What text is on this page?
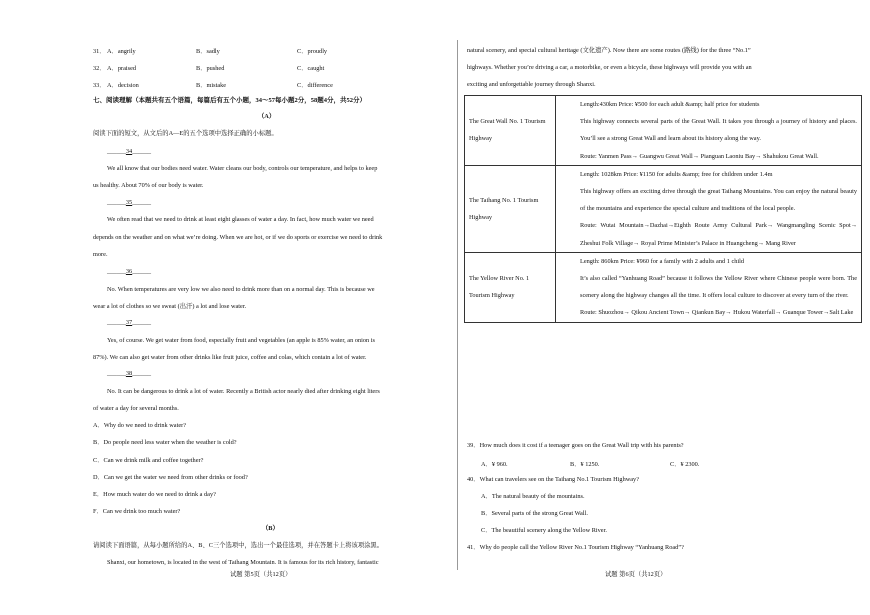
31． A．angrily	B．sadly	C．proudly
32． A．praised	B．pushed	C．caught
33． A．decision	B．mistake	C．difference
七、阅读理解（本题共有五个语篇，每篇后有五个小题，34～57每小题2分，58题4分，共52分）
（A）
阅读下面的短文，从文后的A—E的五个选项中选择正确的小标题。
______34______
We all know that our bodies need water. Water cleans our body, controls our temperature, and helps to keep
us healthy. About 70% of our body is water.
______35______
We often read that we need to drink at least eight glasses of water a day. In fact, how much water we need
depends on the weather and on what we’re doing. When we are hot, or if we do sports or exercise we need to drink
more.
______36______
No. When temperatures are very low we also need to drink more than on a normal day. This is because we
wear a lot of clothes so we sweat (出汗) a lot and lose water.
______37______
Yes, of course. We get water from food, especially fruit and vegetables (an apple is 85% water, an onion is
87%). We can also get water from other drinks like fruit juice, coffee and colas, which contain a lot of water.
______38______
No. It can be dangerous to drink a lot of water. Recently a British actor nearly died after drinking eight liters
of water a day for several months.
A．Why do we need to drink water?
B．Do people need less water when the weather is cold?
C．Can we drink milk and coffee together?
D．Can we get the water we need from other drinks or food?
E．How much water do we need to drink a day?
F．Can we drink too much water?
（B）
请阅读下面语篇，从每小题所给的A、B、C三个选项中，选出一个最佳选项，并在答题卡上将该项涂黑。
Shanxi, our hometown, is located in the west of Taihang Mountain. It is famous for its rich history, fantastic
试题 第5页（共12页）
natural scenery, and special cultural heritage (文化遗产). Now there are some routes (路线) for the three “No.1”
highways. Whether you’re driving a car, a motorbike, or even a bicycle, these highways will provide you with an
exciting and unforgettable journey through Shanxi.
The Great Wall No. 1 Tourism Highway	Length:430km Price: ¥500 for each adult &amp; half price for students
This highway connects several parts of the Great Wall. It takes you through a journey of history and places. You’ll see a strong Great Wall and learn about its history along the way.
Route: Yanmen Pass→ Guangwu Great Wall→ Pianguan Laoniu Bay→ Shahukou Great Wall.

The Taihang No. 1 Tourism Highway	Length: 1028km Price: ¥1150 for adults &amp; free for children under 1.4m
This highway offers an exciting drive through the great Taihang Mountains. You can enjoy the natural beauty of the mountains and experience the special culture and traditions of the local people.
Route: Wutai Mountain→Dazhai→Eighth Route Army Cultural Park→ Wangmangling Scenic Spot→ Zheshui Folk Village→ Royal Prime Minister’s Palace in Huangcheng→ Mang River

The Yellow River No. 1 Tourism Highway	Length: 860km Price: ¥960 for a family with 2 adults and 1 child
It’s also called “Yanhuang Road” because it follows the Yellow River where Chinese people were born. The scenery along the highway changes all the time. It offers local culture to discover at every turn of the river.
Route: Shuozhou→ Qikou Ancient Town→ Qiankun Bay→ Hukou Waterfall→ Guanque Tower→Salt Lake
39．How much does it cost if a teenager goes on the Great Wall trip with his parents?
A．¥ 960.	B．¥ 1250.	C．¥ 2300.
40．What can travelers see on the Taihang No.1 Tourism Highway?
A．The natural beauty of the mountains.
B．Several parts of the strong Great Wall.
C．The beautiful scenery along the Yellow River.
41．Why do people call the Yellow River No.1 Tourism Highway “Yanhuang Road”?
试题 第6页（共12页）
